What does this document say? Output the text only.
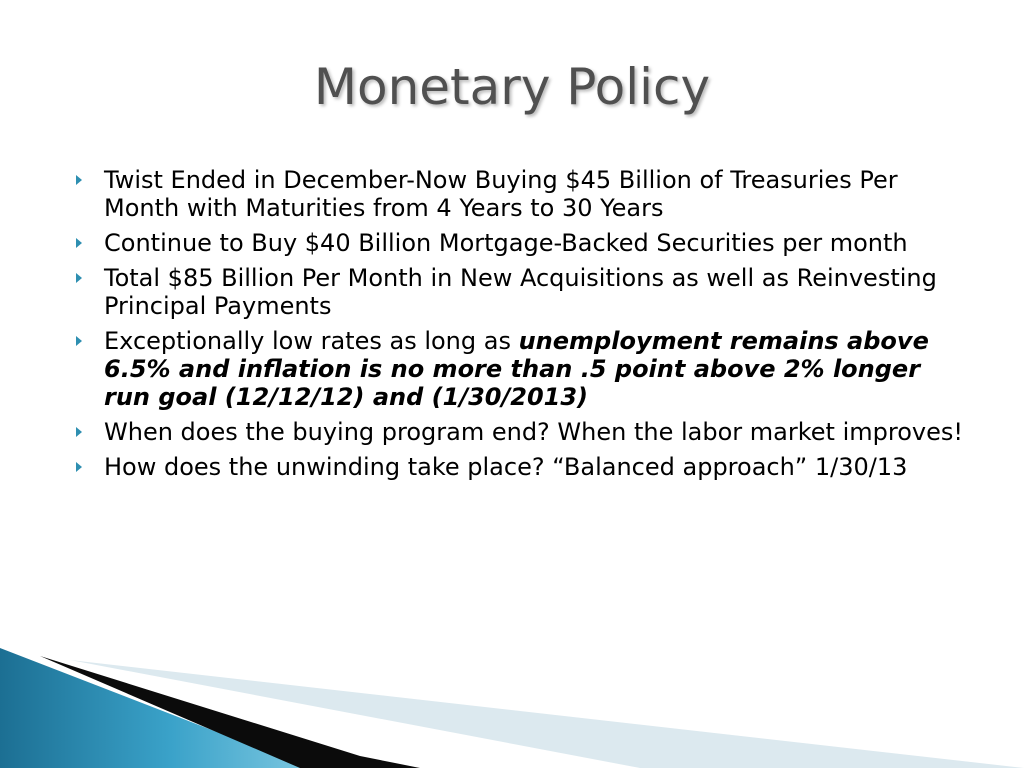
Monetary Policy
Twist Ended in December-Now Buying $45 Billion of Treasuries Per Month with Maturities from 4 Years to 30 Years
Continue to Buy $40 Billion Mortgage-Backed Securities per month
Total $85 Billion Per Month in New Acquisitions as well as Reinvesting Principal Payments
Exceptionally low rates as long as unemployment remains above 6.5% and inflation is no more than .5 point above 2% longer run goal (12/12/12) and (1/30/2013)
When does the buying program end? When the labor market improves!
How does the unwinding take place? “Balanced approach” 1/30/13
